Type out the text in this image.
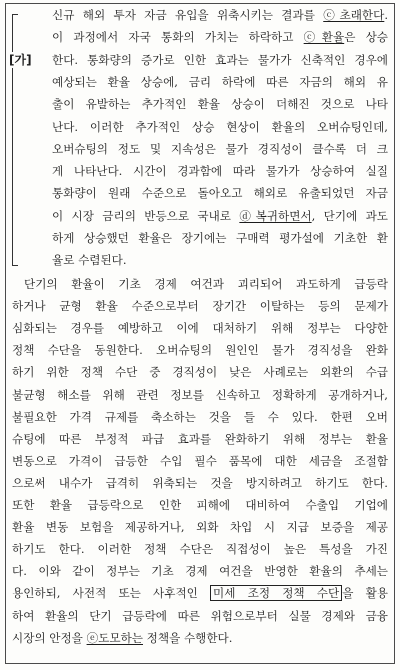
[가]
신규 해외 투자 자금 유입을 위축시키는 결과를 ⓒ초래한다.
이 과정에서 자국 통화의 가치는 하락하고 ⓒ환율은 상승
한다. 통화량의 증가로 인한 효과는 물가가 신축적인 경우에
예상되는 환율 상승에, 금리 하락에 따른 자금의 해외 유
출이 유발하는 추가적인 환율 상승이 더해진 것으로 나타
난다. 이러한 추가적인 상승 현상이 환율의 오버슈팅인데,
오버슈팅의 정도 및 지속성은 물가 경직성이 클수록 더 크
게 나타난다. 시간이 경과함에 따라 물가가 상승하여 실질
통화량이 원래 수준으로 돌아오고 해외로 유출되었던 자금
이 시장 금리의 반등으로 국내로 ⓓ복귀하면서, 단기에 과도
하게 상승했던 환율은 장기에는 구매력 평가설에 기초한 환
율로 수렴된다.
단기의 환율이 기초 경제 여건과 괴리되어 과도하게 급등락
하거나 균형 환율 수준으로부터 장기간 이탈하는 등의 문제가
심화되는 경우를 예방하고 이에 대처하기 위해 정부는 다양한
정책 수단을 동원한다. 오버슈팅의 원인인 물가 경직성을 완화
하기 위한 정책 수단 중 경직성이 낮은 사례로는 외환의 수급
불균형 해소를 위해 관련 정보를 신속하고 정확하게 공개하거나,
불필요한 가격 규제를 축소하는 것을 들 수 있다. 한편 오버
슈팅에 따른 부정적 파급 효과를 완화하기 위해 정부는 환율
변동으로 가격이 급등한 수입 필수 품목에 대한 세금을 조절함
으로써 내수가 급격히 위축되는 것을 방지하려고 하기도 한다.
또한 환율 급등락으로 인한 피해에 대비하여 수출입 기업에
환율 변동 보험을 제공하거나, 외화 차입 시 지급 보증을 제공
하기도 한다. 이러한 정책 수단은 직접성이 높은 특성을 가진
다. 이와 같이 정부는 기초 경제 여건을 반영한 환율의 추세는
용인하되, 사전적 또는 사후적인 미세 조정 정책 수단 을 활용
하여 환율의 단기 급등락에 따른 위험으로부터 실물 경제와 금융
시장의 안정을 ⓔ도모하는 정책을 수행한다.
